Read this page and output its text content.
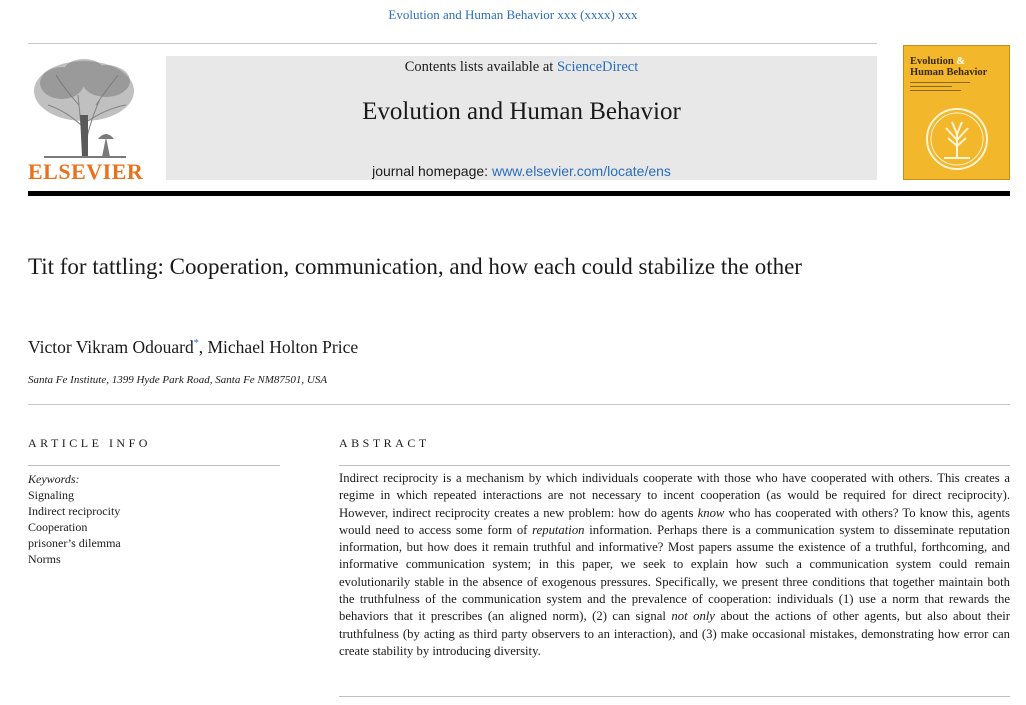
Evolution and Human Behavior xxx (xxxx) xxx
ELSEVIER
Contents lists available at ScienceDirect
Evolution and Human Behavior
journal homepage: www.elsevier.com/locate/ens
Evolution &
Human Behavior
Tit for tattling: Cooperation, communication, and how each could stabilize the other
Victor Vikram Odouard*, Michael Holton Price
Santa Fe Institute, 1399 Hyde Park Road, Santa Fe NM87501, USA
ARTICLE INFO	ABSTRACT
Keywords:
Signaling
Indirect reciprocity
Cooperation
prisoner’s dilemma
Norms
Indirect reciprocity is a mechanism by which individuals cooperate with those who have cooperated with others. This creates a regime in which repeated interactions are not necessary to incent cooperation (as would be required for direct reciprocity). However, indirect reciprocity creates a new problem: how do agents know who has cooperated with others? To know this, agents would need to access some form of reputation information. Perhaps there is a communication system to disseminate reputation information, but how does it remain truthful and informative? Most papers assume the existence of a truthful, forthcoming, and informative communication system; in this paper, we seek to explain how such a communication system could remain evolutionarily stable in the absence of exogenous pressures. Specifically, we present three conditions that together maintain both the truthfulness of the communication system and the prevalence of cooperation: individuals (1) use a norm that rewards the behaviors that it prescribes (an aligned norm), (2) can signal not only about the actions of other agents, but also about their truthfulness (by acting as third party observers to an interaction), and (3) make occasional mistakes, demonstrating how error can create stability by introducing diversity.
